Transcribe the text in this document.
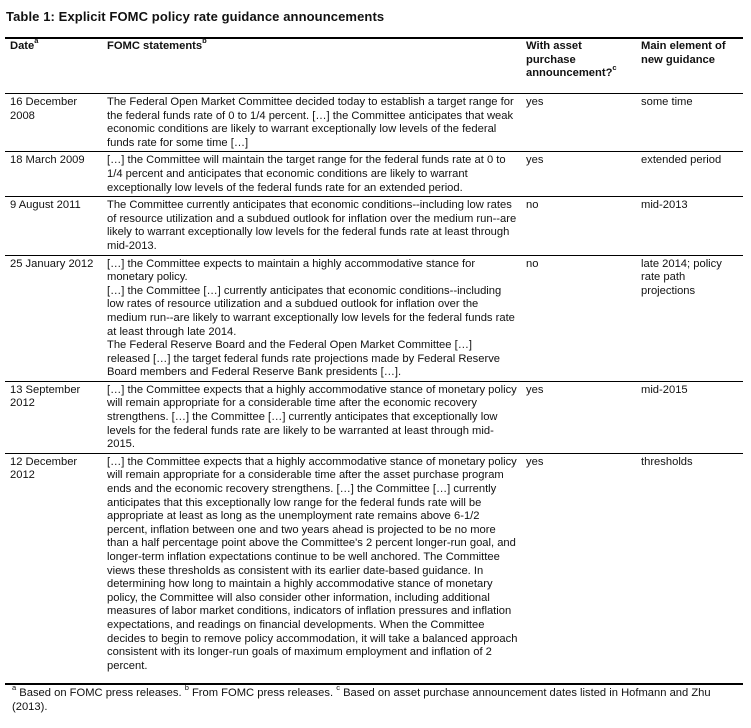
Table 1: Explicit FOMC policy rate guidance announcements
Date$^a$	FOMC statements$^b$	With asset purchase announcement?$^c$	Main element of new guidance
16 December 2008	The Federal Open Market Committee decided today to establish a target range for the federal funds rate of 0 to 1/4 percent. […] the Committee anticipates that weak economic conditions are likely to warrant exceptionally low levels of the federal funds rate for some time […]	yes	some time
18 March 2009	[…] the Committee will maintain the target range for the federal funds rate at 0 to 1/4 percent and anticipates that economic conditions are likely to warrant exceptionally low levels of the federal funds rate for an extended period.	yes	extended period
9 August 2011	The Committee currently anticipates that economic conditions--including low rates of resource utilization and a subdued outlook for inflation over the medium run--are likely to warrant exceptionally low levels for the federal funds rate at least through mid-2013.	no	mid-2013
25 January 2012	[…] the Committee expects to maintain a highly accommodative stance for monetary policy.
[…] the Committee […] currently anticipates that economic conditions--including low rates of resource utilization and a subdued outlook for inflation over the medium run--are likely to warrant exceptionally low levels for the federal funds rate at least through late 2014.
The Federal Reserve Board and the Federal Open Market Committee […] released […] the target federal funds rate projections made by Federal Reserve Board members and Federal Reserve Bank presidents […].	no	late 2014; policy rate path projections
13 September 2012	[…] the Committee expects that a highly accommodative stance of monetary policy will remain appropriate for a considerable time after the economic recovery strengthens. […] the Committee […] currently anticipates that exceptionally low levels for the federal funds rate are likely to be warranted at least through mid-2015.	yes	mid-2015
12 December 2012	[…] the Committee expects that a highly accommodative stance of monetary policy will remain appropriate for a considerable time after the asset purchase program ends and the economic recovery strengthens. […] the Committee […] currently anticipates that this exceptionally low range for the federal funds rate will be appropriate at least as long as the unemployment rate remains above 6-1/2 percent, inflation between one and two years ahead is projected to be no more than a half percentage point above the Committee's 2 percent longer-run goal, and longer-term inflation expectations continue to be well anchored. The Committee views these thresholds as consistent with its earlier date-based guidance. In determining how long to maintain a highly accommodative stance of monetary policy, the Committee will also consider other information, including additional measures of labor market conditions, indicators of inflation pressures and inflation expectations, and readings on financial developments. When the Committee decides to begin to remove policy accommodation, it will take a balanced approach consistent with its longer-run goals of maximum employment and inflation of 2 percent.	yes	thresholds
$^a$ Based on FOMC press releases. $^b$ From FOMC press releases. $^c$ Based on asset purchase announcement dates listed in Hofmann and Zhu (2013).
